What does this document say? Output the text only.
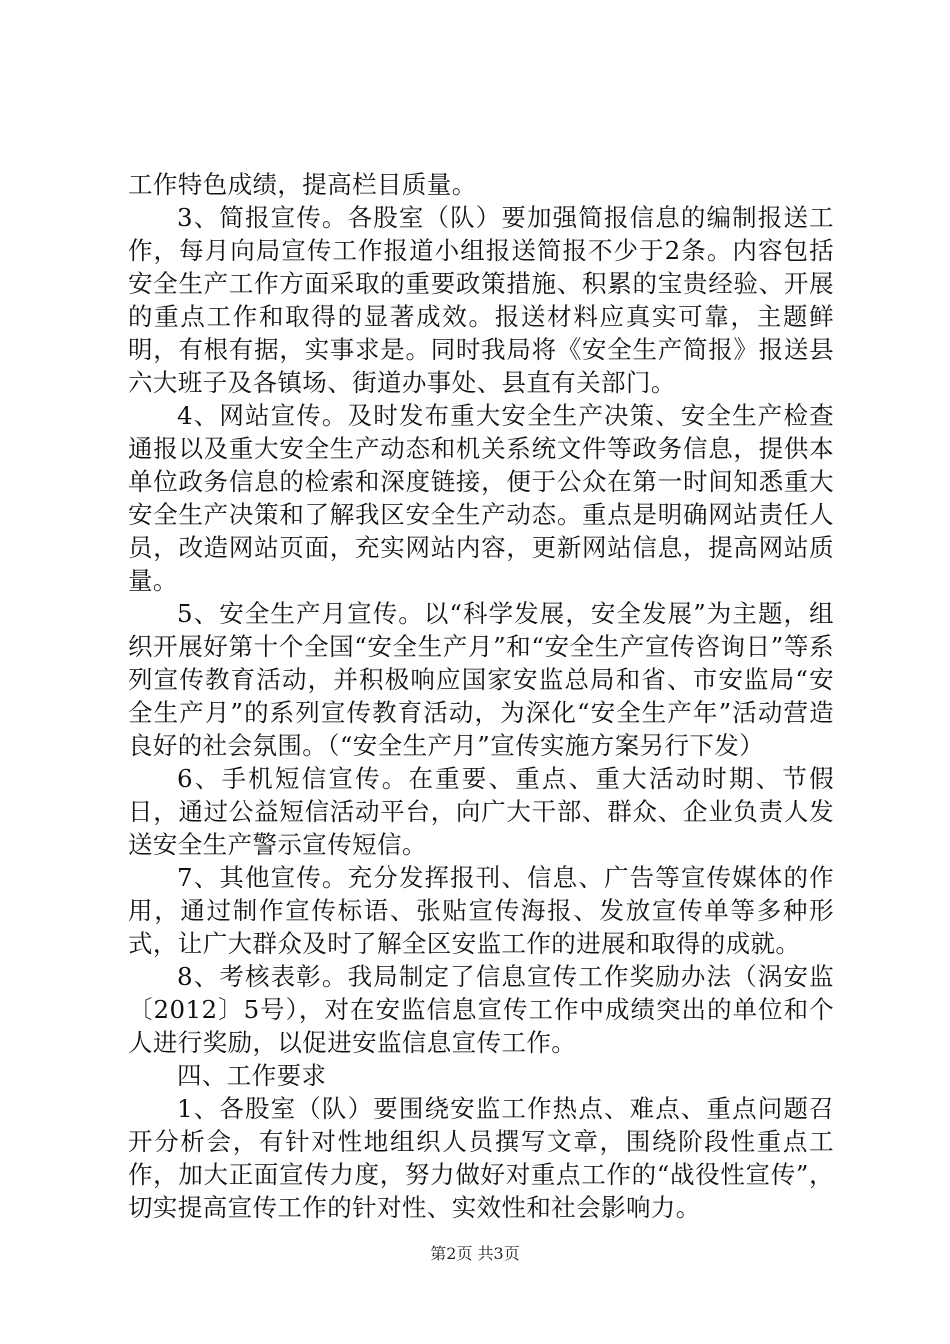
工作特色成绩，提高栏目质量。

3、简报宣传。各股室（队）要加强简报信息的编制报送工作，每月向局宣传工作报道小组报送简报不少于2条。内容包括安全生产工作方面采取的重要政策措施、积累的宝贵经验、开展的重点工作和取得的显著成效。报送材料应真实可靠，主题鲜明，有根有据，实事求是。同时我局将《安全生产简报》报送县六大班子及各镇场、街道办事处、县直有关部门。

4、网站宣传。及时发布重大安全生产决策、安全生产检查通报以及重大安全生产动态和机关系统文件等政务信息，提供本单位政务信息的检索和深度链接，便于公众在第一时间知悉重大安全生产决策和了解我区安全生产动态。重点是明确网站责任人员，改造网站页面，充实网站内容，更新网站信息，提高网站质量。

5、安全生产月宣传。以“科学发展，安全发展”为主题，组织开展好第十个全国“安全生产月”和“安全生产宣传咨询日”等系列宣传教育活动，并积极响应国家安监总局和省、市安监局“安全生产月”的系列宣传教育活动，为深化“安全生产年”活动营造良好的社会氛围。（“安全生产月”宣传实施方案另行下发）

6、手机短信宣传。在重要、重点、重大活动时期、节假日，通过公益短信活动平台，向广大干部、群众、企业负责人发送安全生产警示宣传短信。

7、其他宣传。充分发挥报刊、信息、广告等宣传媒体的作用，通过制作宣传标语、张贴宣传海报、发放宣传单等多种形式，让广大群众及时了解全区安监工作的进展和取得的成就。

8、考核表彰。我局制定了信息宣传工作奖励办法（涡安监〔2012〕5号），对在安监信息宣传工作中成绩突出的单位和个人进行奖励，以促进安监信息宣传工作。

四、工作要求

1、各股室（队）要围绕安监工作热点、难点、重点问题召开分析会，有针对性地组织人员撰写文章，围绕阶段性重点工作，加大正面宣传力度，努力做好对重点工作的“战役性宣传”，切实提高宣传工作的针对性、实效性和社会影响力。

第2页 共3页
